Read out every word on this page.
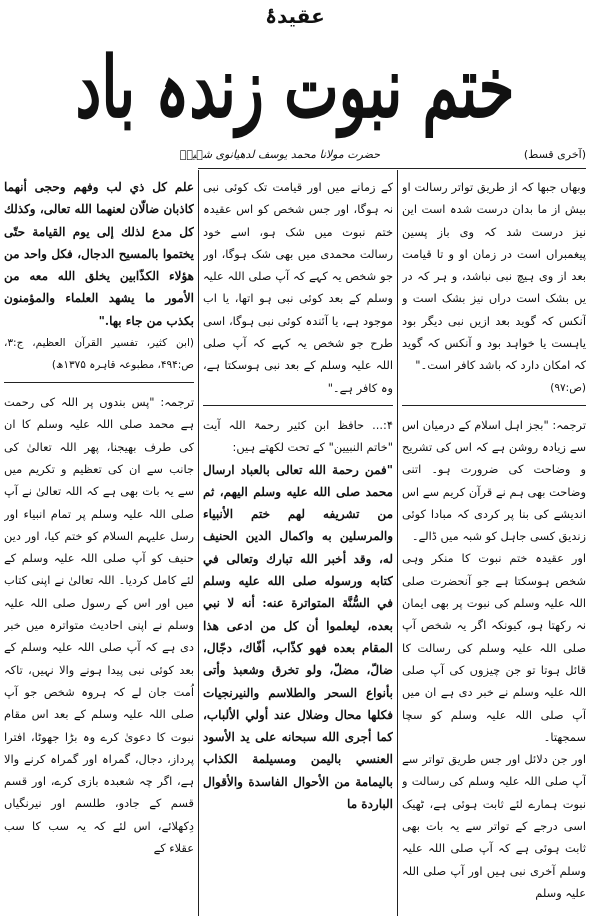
عقیدۂ
ختم نبوت زندہ باد
حضرت مولانا محمد یوسف لدھیانوی شہیدؒ	(آخری قسط)

وبھاں جبھا کہ از طریق تواتر رسالت او بیش از ما بدان درست شدہ است این نیز درست شد کہ وی باز پسین پیغمبراں است در زمان او و تا قیامت بعد از وی ہیچ نبی نباشد، و ہر کہ در یں بشک است دراں نیز بشک است و آنکس کہ گوید بعد ازیں نبی دیگر بود یاہست یا خواہد بود و آنکس کہ گوید کہ امکان دارد کہ باشد کافر است۔"

(ص:۹۷)

ترجمہ: "بجز اہل اسلام کے درمیان اس سے زیادہ روشن ہے کہ اس کی تشریح و وضاحت کی ضرورت ہو۔ اتنی وضاحت بھی ہم نے قرآن کریم سے اس اندیشے کی بنا پر کردی کہ مبادا کوئی زندیق کسی جاہل کو شبہ میں ڈالے۔

اور عقیدہ ختم نبوت کا منکر وہی شخص ہوسکتا ہے جو آنحضرت صلی اللہ علیہ وسلم کی نبوت پر بھی ایمان نہ رکھتا ہو، کیونکہ اگر یہ شخص آپ صلی اللہ علیہ وسلم کی رسالت کا قائل ہوتا تو جن چیزوں کی آپ صلی اللہ علیہ وسلم نے خبر دی ہے ان میں آپ صلی اللہ علیہ وسلم کو سچا سمجھتا۔

اور جن دلائل اور جس طریق تواتر سے آپ صلی اللہ علیہ وسلم کی رسالت و نبوت ہمارے لئے ثابت ہوئی ہے، ٹھیک اسی درجے کے تواتر سے یہ بات بھی ثابت ہوئی ہے کہ آپ صلی اللہ علیہ وسلم آخری نبی ہیں اور آپ صلی اللہ علیہ وسلم

کے زمانے میں اور قیامت تک کوئی نبی نہ ہوگا، اور جس شخص کو اس عقیدہ ختم نبوت میں شک ہو، اسے خود رسالت محمدی میں بھی شک ہوگا، اور جو شخص یہ کہے کہ آپ صلی اللہ علیہ وسلم کے بعد کوئی نبی ہو اتھا، یا اب موجود ہے، یا آئندہ کوئی نبی ہوگا، اسی طرح جو شخص یہ کہے کہ آپ صلی اللہ علیہ وسلم کے بعد نبی ہوسکتا ہے، وہ کافر ہے۔"

۴:... حافظ ابن کثیر رحمۃ اللہ آیت "خاتم النبیین" کے تحت لکھتے ہیں:

"فمن رحمة الله تعالى بالعباد ارسال محمد صلى الله عليه وسلم اليهم، ثم من تشريفه لهم ختم الأنبياء والمرسلين به واكمال الدين الحنيف له، وقد أخبر الله تبارك وتعالى في كتابه ورسوله صلى الله عليه وسلم في السُّنَّة المتواترة عنه: أنه لا نبي بعده، ليعلموا أن كل من ادعى هذا المقام بعده فهو كذّاب، أفّاك، دجّال، ضالّ، مضلّ، ولو تخرق وشعبذ وأتى بأنواع السحر والطلاسم والنيرنجيات فكلها محال وضلال عند أولي الألباب، كما أجرى الله سبحانه على يد الأسود العنسي باليمن ومسيلمة الكذاب باليمامة من الأحوال الفاسدة والأقوال الباردة ما

علم كل ذي لب وفهم وحجى أنهما كاذبان ضالّان لعنهما الله تعالى، وكذلك كل مدع لذلك إلى يوم القيامة حتّى يختموا بالمسيح الدجال، فكل واحد من هؤلاء الكذّابين يخلق الله معه من الأمور ما يشهد العلماء والمؤمنون بكذب من جاء بها."

(ابن کثیر، تفسیر القرآن العظیم، ج:۳، ص:۴۹۴، مطبوعہ قاہرہ ۱۳۷۵ھ)

ترجمہ: "پس بندوں پر اللہ کی رحمت ہے محمد صلی اللہ علیہ وسلم کا ان کی طرف بھیجنا، پھر اللہ تعالیٰ کی جانب سے ان کی تعظیم و تکریم میں سے یہ بات بھی ہے کہ اللہ تعالیٰ نے آپ صلی اللہ علیہ وسلم پر تمام انبیاء اور رسل علیہم السلام کو ختم کیا، اور دین حنیف کو آپ صلی اللہ علیہ وسلم کے لئے کامل کردیا۔ اللہ تعالیٰ نے اپنی کتاب میں اور اس کے رسول صلی اللہ علیہ وسلم نے اپنی احادیث متواترہ میں خبر دی ہے کہ آپ صلی اللہ علیہ وسلم کے بعد کوئی نبی پیدا ہونے والا نہیں، تاکہ اُمت جان لے کہ ہروہ شخص جو آپ صلی اللہ علیہ وسلم کے بعد اس مقام نبوت کا دعویٰ کرے وہ بڑا جھوٹا، افترا پرداز، دجال، گمراہ اور گمراہ کرنے والا ہے، اگر چہ شعبدہ بازی کرے، اور قسم قسم کے جادو، طلسم اور نیرنگیاں دِکھلائے، اس لئے کہ یہ سب کا سب عقلاء کے
